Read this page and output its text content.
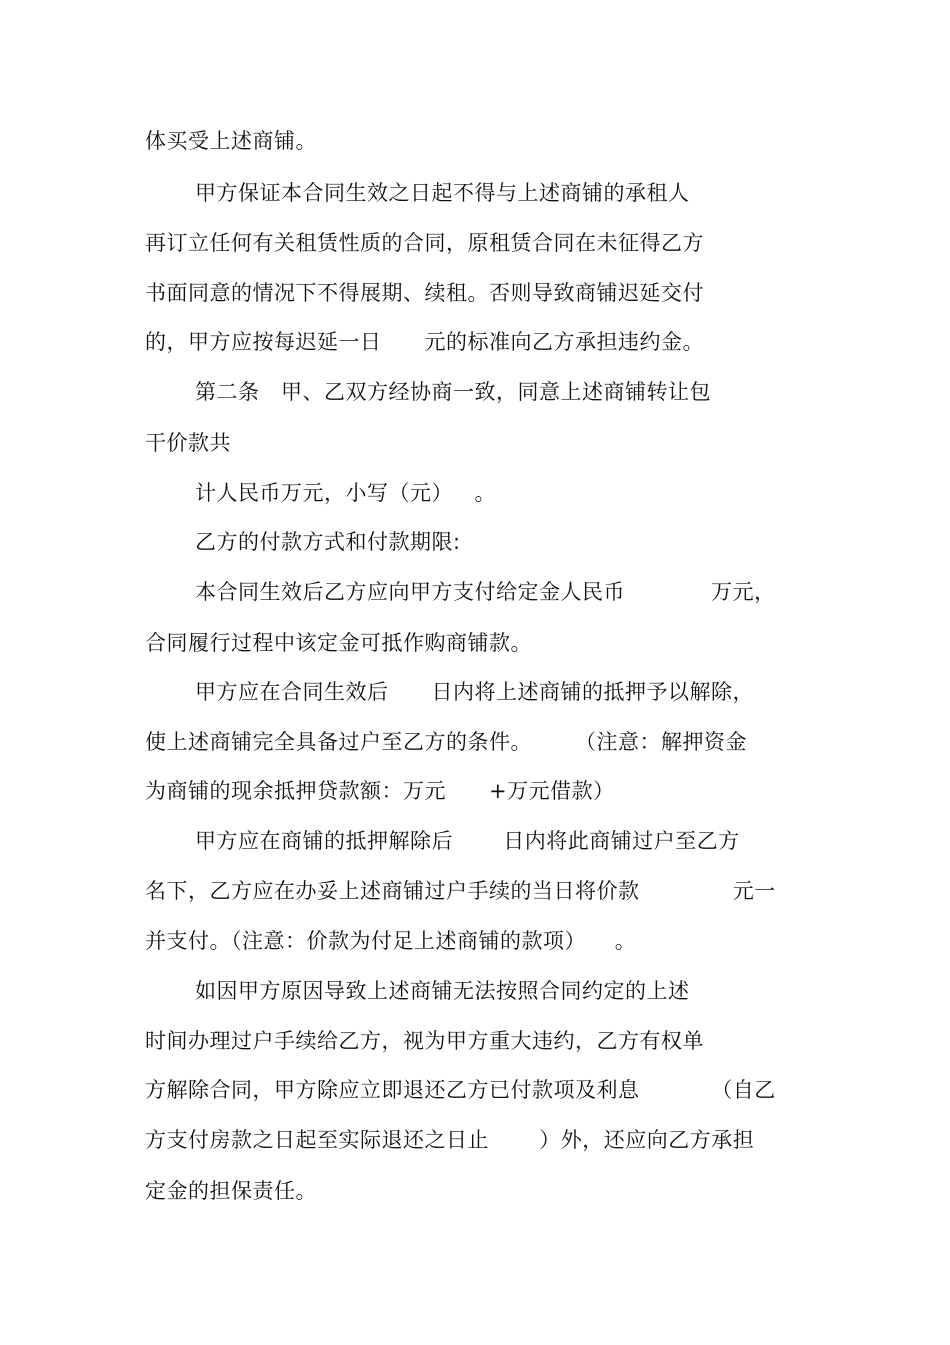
体买受上述商铺。
甲方保证本合同生效之日起不得与上述商铺的承租人
再订立任何有关租赁性质的合同，原租赁合同在未征得乙方
书面同意的情况下不得展期、续租。否则导致商铺迟延交付
的，甲方应按每迟延一日      元的标准向乙方承担违约金。
第二条   甲、乙双方经协商一致，同意上述商铺转让包
干价款共
计人民币万元，小写（元）   。
乙方的付款方式和付款期限:
本合同生效后乙方应向甲方支付给定金人民币            万元，
合同履行过程中该定金可抵作购商铺款。
甲方应在合同生效后      日内将上述商铺的抵押予以解除，
使上述商铺完全具备过户至乙方的条件。      （注意：解押资金
为商铺的现余抵押贷款额：万元      +万元借款）
甲方应在商铺的抵押解除后       日内将此商铺过户至乙方
名下，乙方应在办妥上述商铺过户手续的当日将价款             元一
并支付。（注意：价款为付足上述商铺的款项）    。
如因甲方原因导致上述商铺无法按照合同约定的上述
时间办理过户手续给乙方，视为甲方重大违约，乙方有权单
方解除合同，甲方除应立即退还乙方已付款项及利息          （自乙
方支付房款之日起至实际退还之日止       ）外，还应向乙方承担
定金的担保责任。
